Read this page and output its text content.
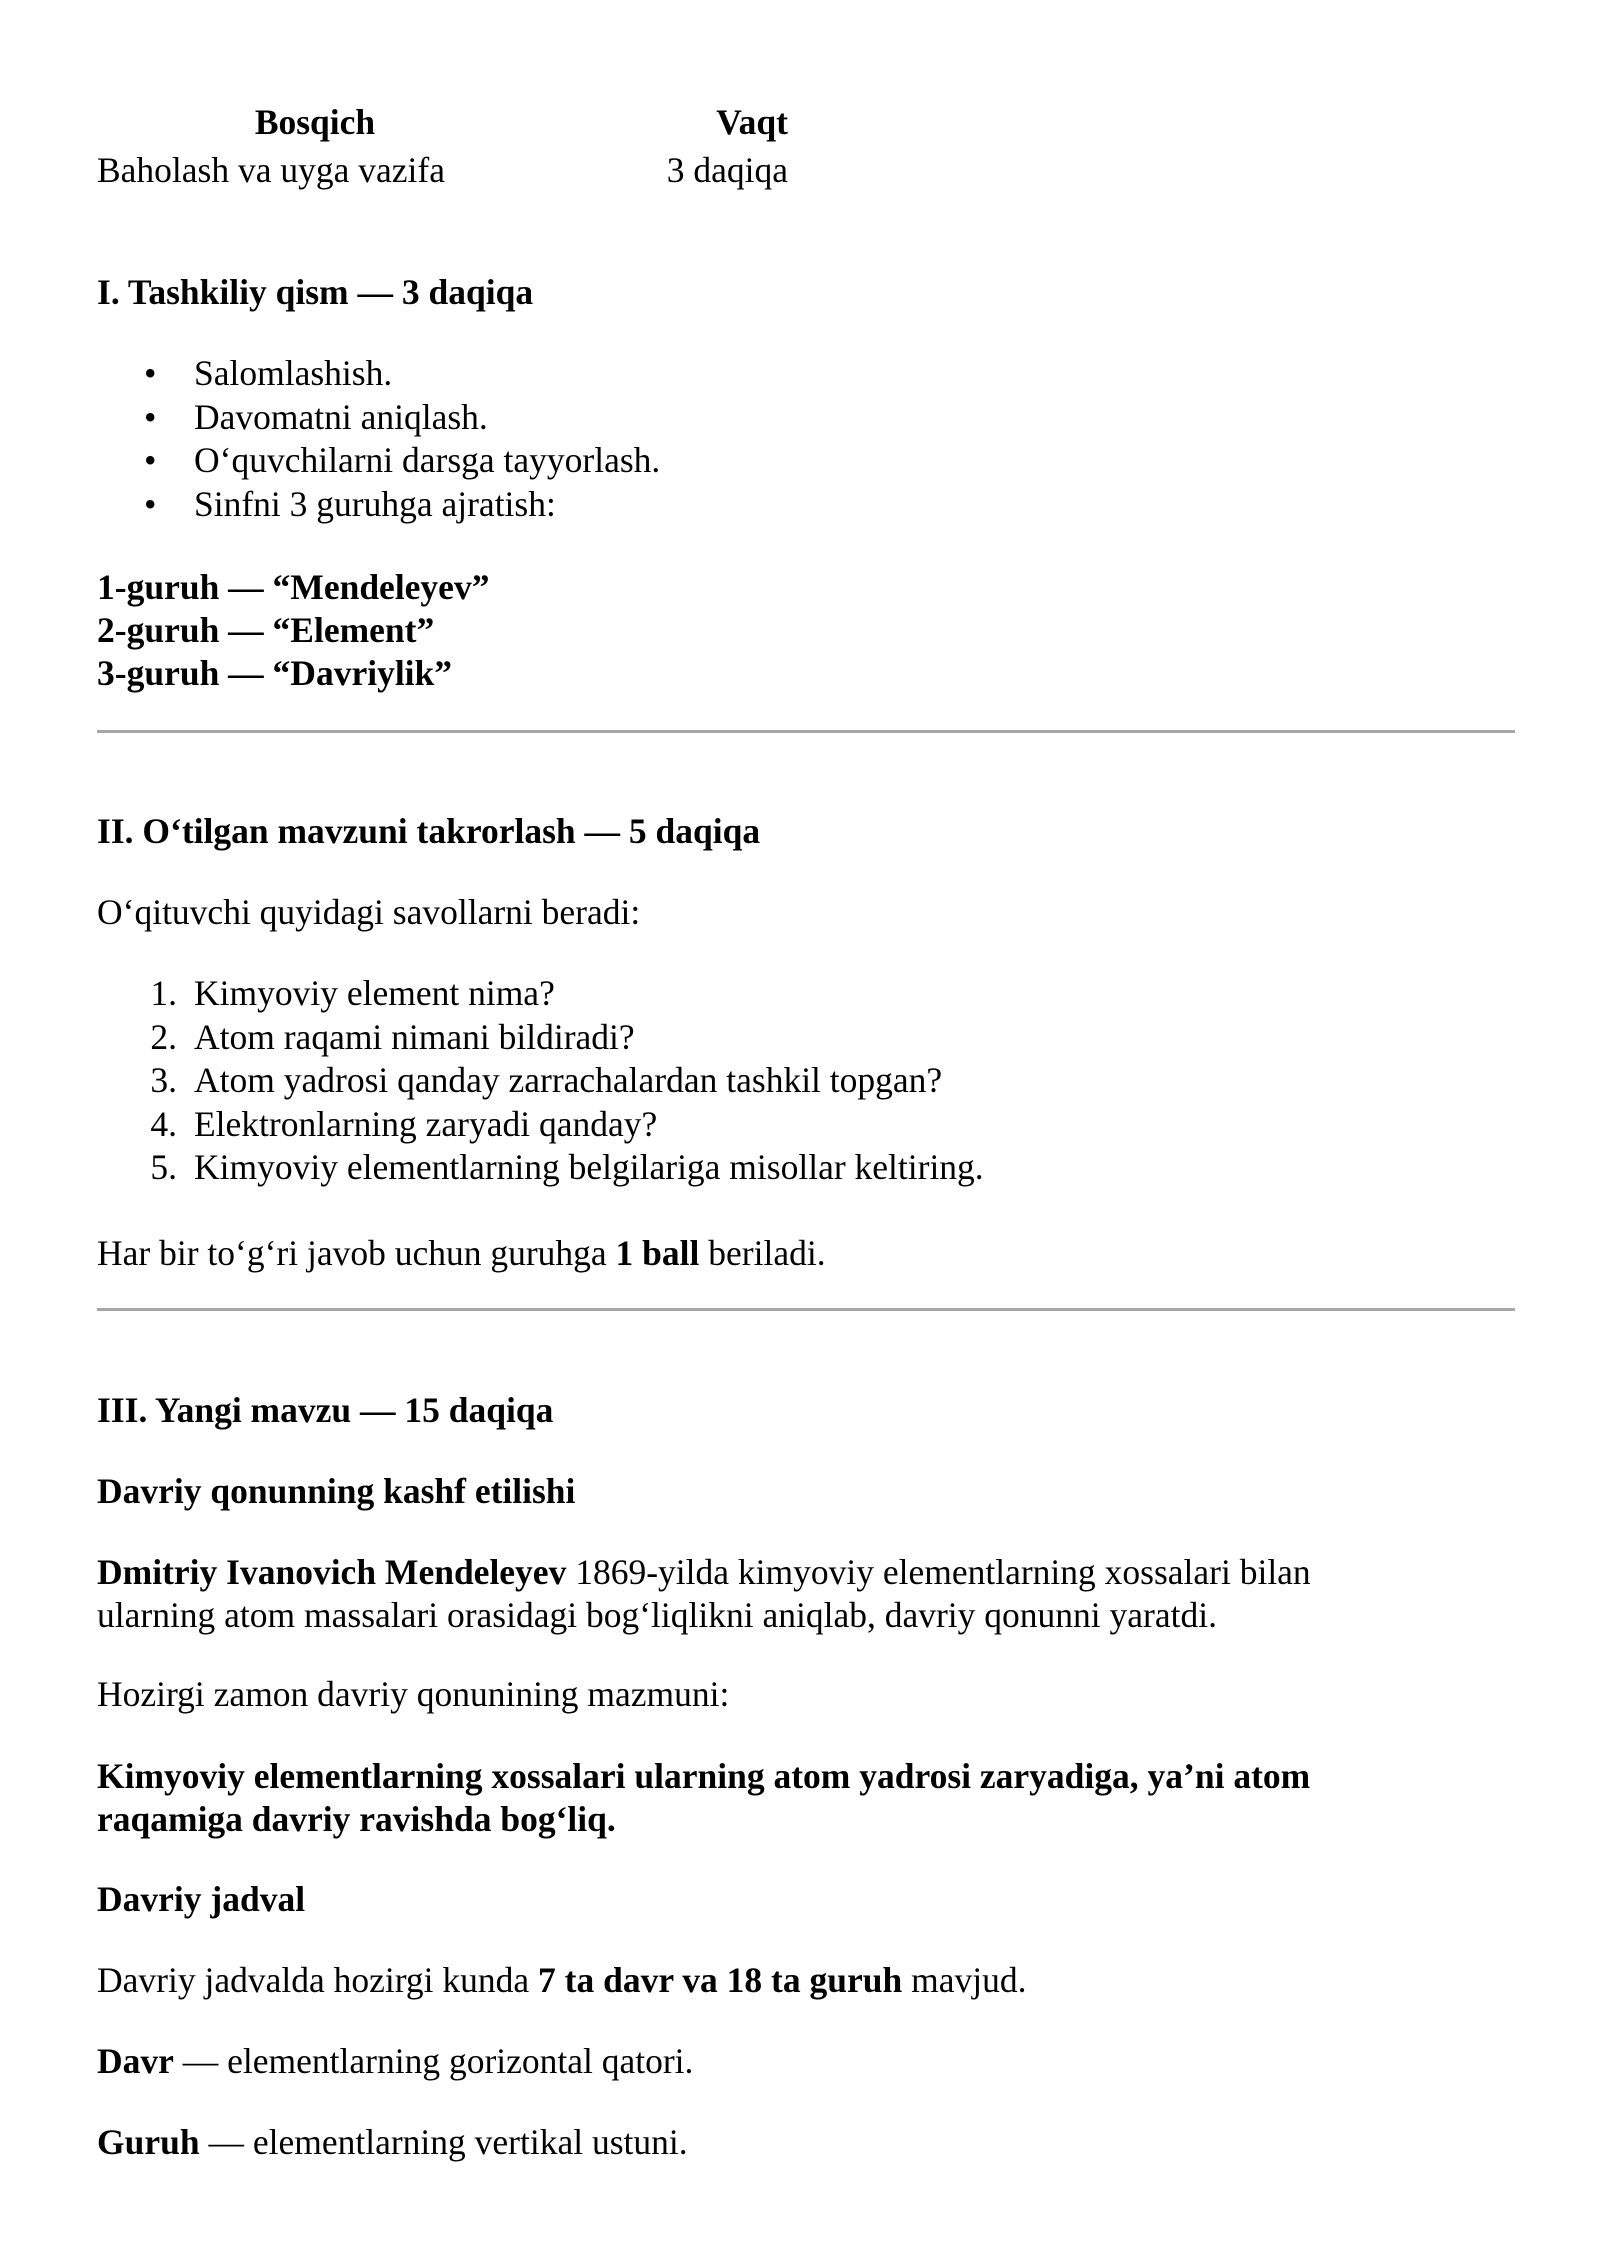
Bosqich	Vaqt
Baholash va uyga vazifa	3 daqiqa
I. Tashkiliy qism — 3 daqiqa
• Salomlashish.
• Davomatni aniqlash.
• O‘quvchilarni darsga tayyorlash.
• Sinfni 3 guruhga ajratish:
1-guruh — “Mendeleyev”
2-guruh — “Element”
3-guruh — “Davriylik”
II. O‘tilgan mavzuni takrorlash — 5 daqiqa
O‘qituvchi quyidagi savollarni beradi:
1. Kimyoviy element nima?
2. Atom raqami nimani bildiradi?
3. Atom yadrosi qanday zarrachalardan tashkil topgan?
4. Elektronlarning zaryadi qanday?
5. Kimyoviy elementlarning belgilariga misollar keltiring.
Har bir to‘g‘ri javob uchun guruhga 1 ball beriladi.
III. Yangi mavzu — 15 daqiqa
Davriy qonunning kashf etilishi
Dmitriy Ivanovich Mendeleyev 1869-yilda kimyoviy elementlarning xossalari bilan
ularning atom massalari orasidagi bog‘liqlikni aniqlab, davriy qonunni yaratdi.
Hozirgi zamon davriy qonunining mazmuni:
Kimyoviy elementlarning xossalari ularning atom yadrosi zaryadiga, ya’ni atom
raqamiga davriy ravishda bog‘liq.
Davriy jadval
Davriy jadvalda hozirgi kunda 7 ta davr va 18 ta guruh mavjud.
Davr — elementlarning gorizontal qatori.
Guruh — elementlarning vertikal ustuni.
